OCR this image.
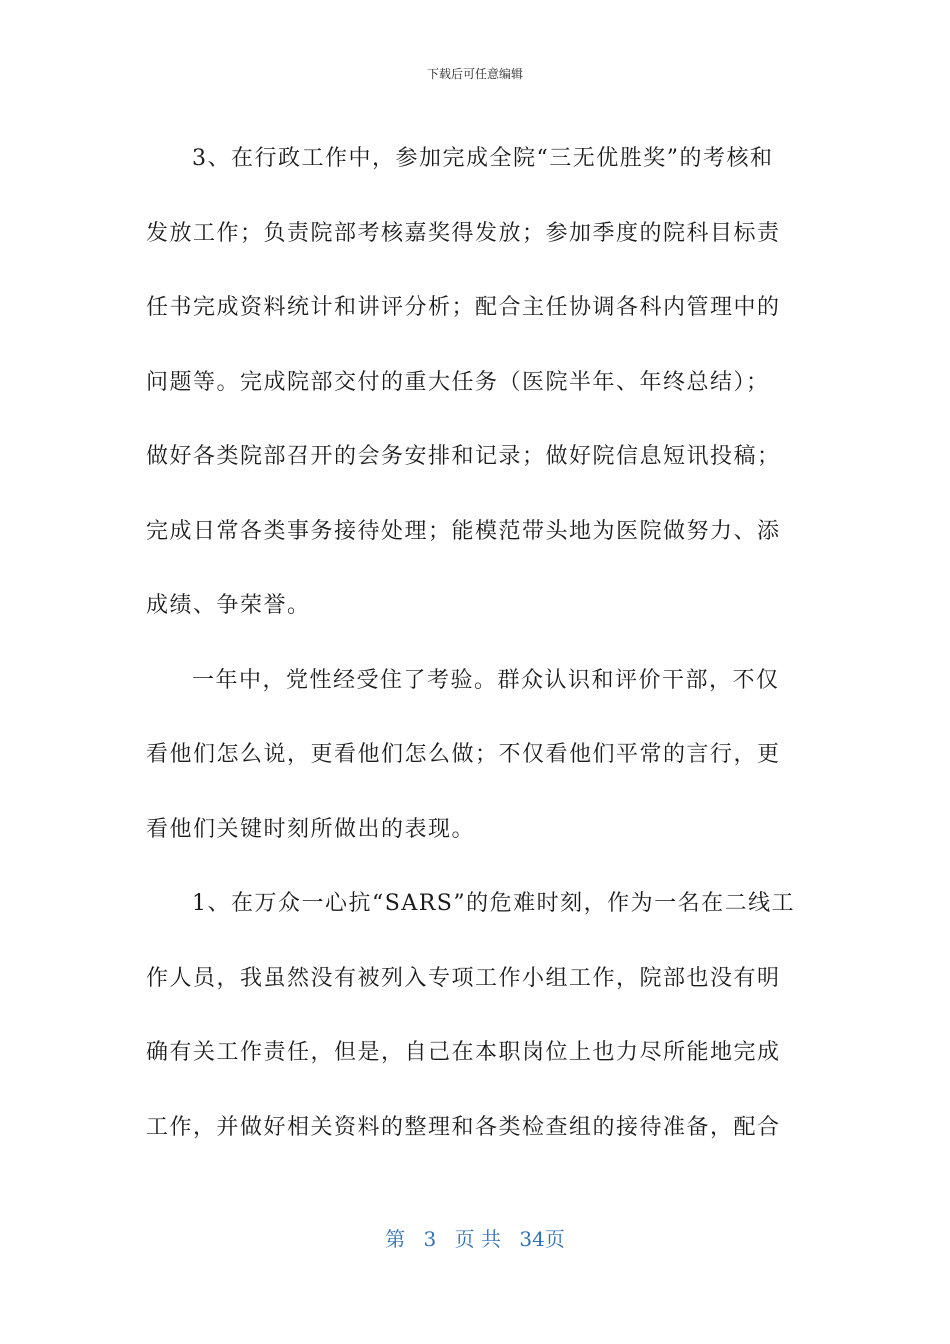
下载后可任意编辑
3、在行政工作中，参加完成全院“三无优胜奖”的考核和
发放工作；负责院部考核嘉奖得发放；参加季度的院科目标责
任书完成资料统计和讲评分析；配合主任协调各科内管理中的
问题等。完成院部交付的重大任务（医院半年、年终总结）；
做好各类院部召开的会务安排和记录；做好院信息短讯投稿；
完成日常各类事务接待处理；能模范带头地为医院做努力、添
成绩、争荣誉。
一年中，党性经受住了考验。群众认识和评价干部，不仅
看他们怎么说，更看他们怎么做；不仅看他们平常的言行，更
看他们关键时刻所做出的表现。
1、在万众一心抗“SARS”的危难时刻，作为一名在二线工
作人员，我虽然没有被列入专项工作小组工作，院部也没有明
确有关工作责任，但是，自己在本职岗位上也力尽所能地完成
工作，并做好相关资料的整理和各类检查组的接待准备，配合
第 3 页 共 34页
